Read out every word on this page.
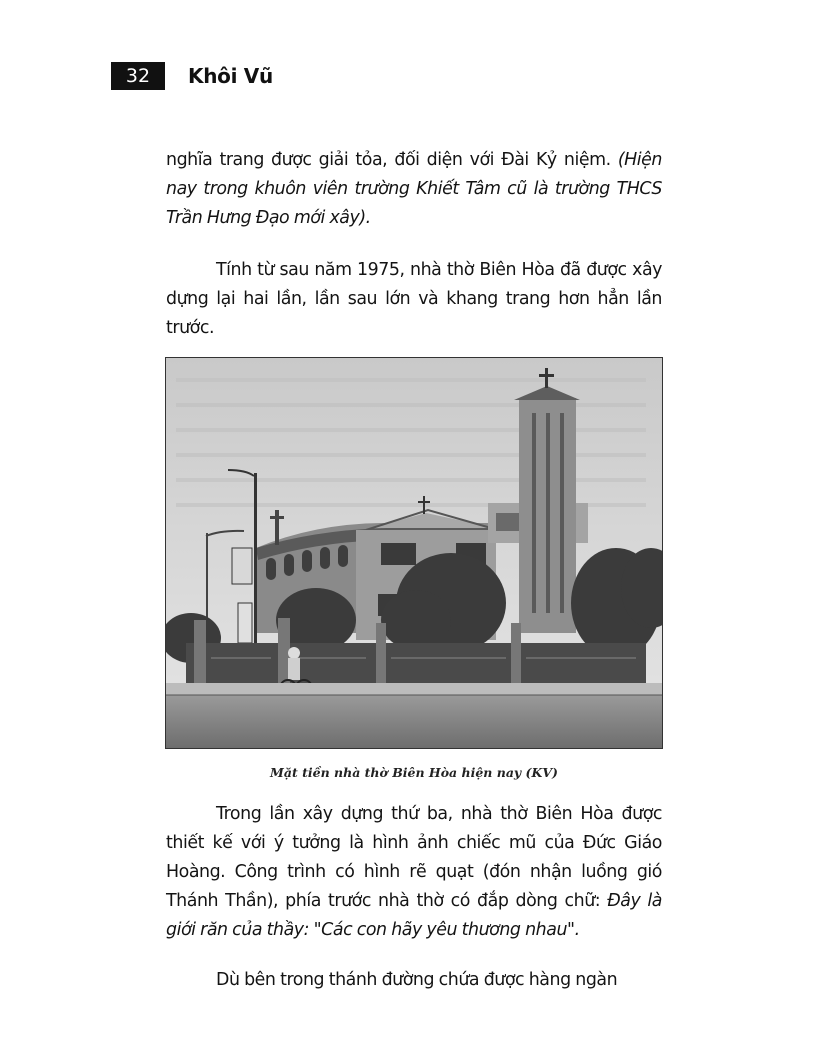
32	Khôi Vũ

nghĩa trang được giải tỏa, đối diện với Đài Kỷ niệm. (Hiện nay trong khuôn viên trường Khiết Tâm cũ là trường THCS Trần Hưng Đạo mới xây).

Tính từ sau năm 1975, nhà thờ Biên Hòa đã được xây dựng lại hai lần, lần sau lớn và khang trang hơn hẳn lần trước.

Mặt tiền nhà thờ Biên Hòa hiện nay (KV)

Trong lần xây dựng thứ ba, nhà thờ Biên Hòa được thiết kế với ý tưởng là hình ảnh chiếc mũ của Đức Giáo Hoàng. Công trình có hình rẽ quạt (đón nhận luồng gió Thánh Thần), phía trước nhà thờ có đắp dòng chữ: Đây là giới răn của thầy: "Các con hãy yêu thương nhau".

Dù bên trong thánh đường chứa được hàng ngàn
